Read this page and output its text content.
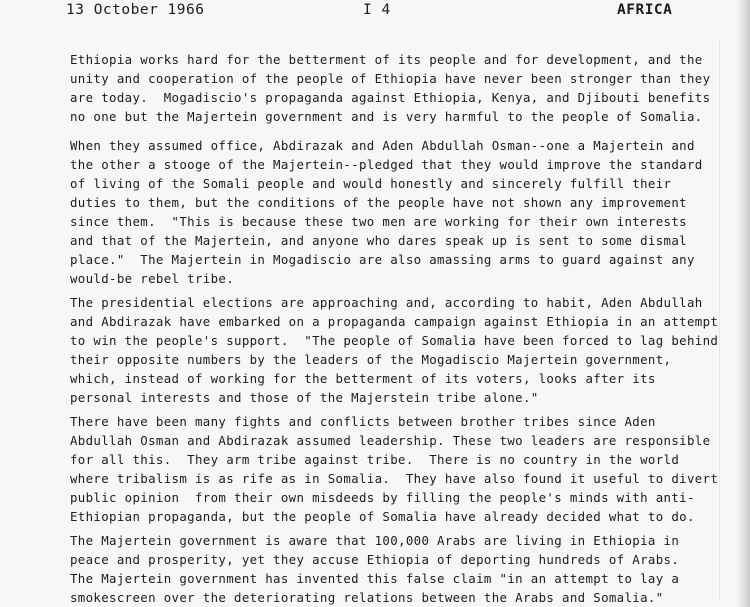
13 October 1966	I 4	AFRICA
Ethiopia works hard for the betterment of its people and for development, and the
unity and cooperation of the people of Ethiopia have never been stronger than they
are today.  Mogadiscio's propaganda against Ethiopia, Kenya, and Djibouti benefits
no one but the Majertein government and is very harmful to the people of Somalia.
When they assumed office, Abdirazak and Aden Abdullah Osman--one a Majertein and
the other a stooge of the Majertein--pledged that they would improve the standard
of living of the Somali people and would honestly and sincerely fulfill their
duties to them, but the conditions of the people have not shown any improvement
since them.  "This is because these two men are working for their own interests
and that of the Majertein, and anyone who dares speak up is sent to some dismal
place."  The Majertein in Mogadiscio are also amassing arms to guard against any
would-be rebel tribe.
The presidential elections are approaching and, according to habit, Aden Abdullah
and Abdirazak have embarked on a propaganda campaign against Ethiopia in an attempt
to win the people's support.  "The people of Somalia have been forced to lag behind
their opposite numbers by the leaders of the Mogadiscio Majertein government,
which, instead of working for the betterment of its voters, looks after its
personal interests and those of the Majerstein tribe alone."
There have been many fights and conflicts between brother tribes since Aden
Abdullah Osman and Abdirazak assumed leadership. These two leaders are responsible
for all this.  They arm tribe against tribe.  There is no country in the world
where tribalism is as rife as in Somalia.  They have also found it useful to divert
public opinion  from their own misdeeds by filling the people's minds with anti-
Ethiopian propaganda, but the people of Somalia have already decided what to do.
The Majertein government is aware that 100,000 Arabs are living in Ethiopia in
peace and prosperity, yet they accuse Ethiopia of deporting hundreds of Arabs.
The Majertein government has invented this false claim "in an attempt to lay a
smokescreen over the deteriorating relations between the Arabs and Somalia."
